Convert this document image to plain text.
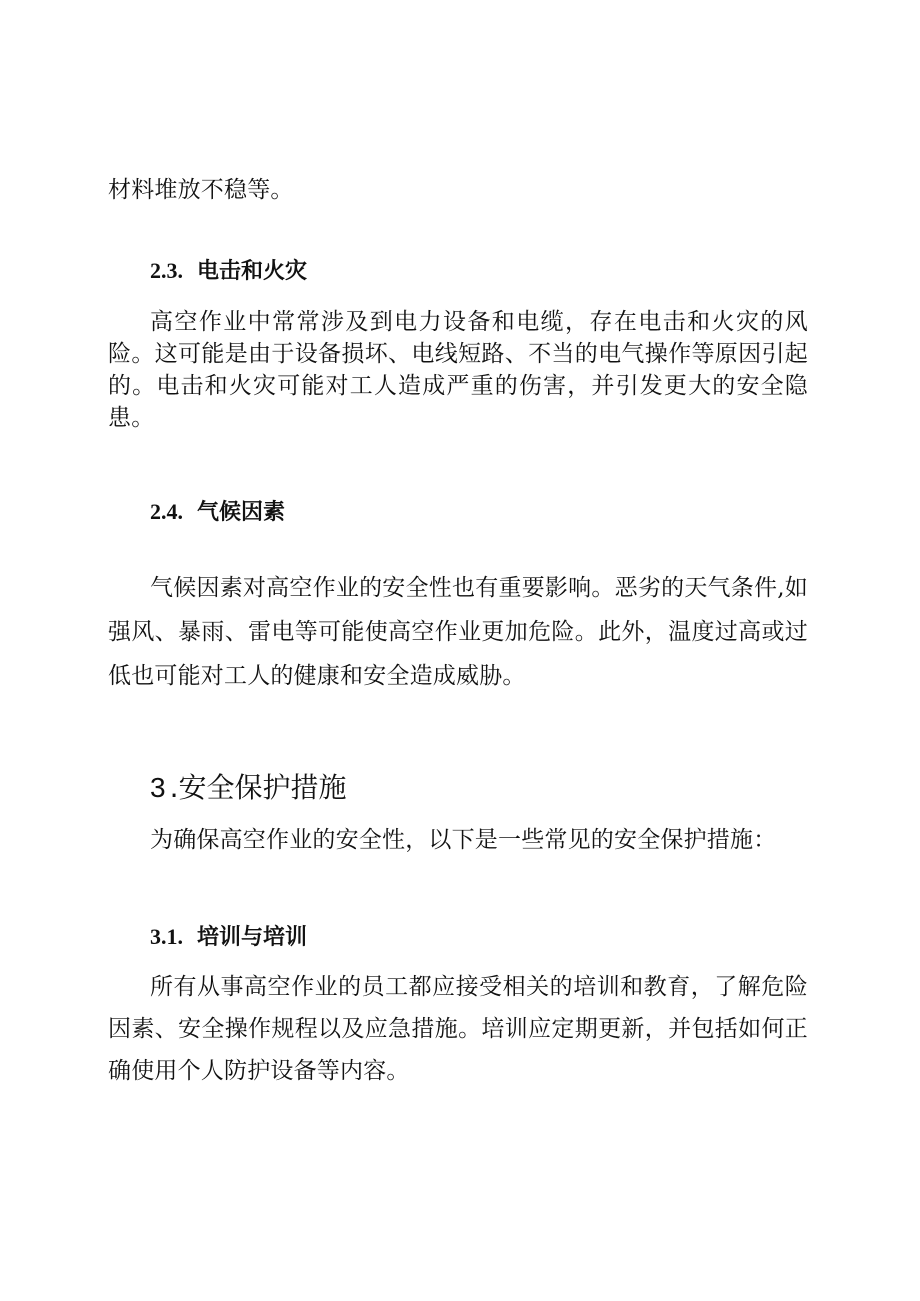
材料堆放不稳等。

2.3. 电击和火灾

高空作业中常常涉及到电力设备和电缆，存在电击和火灾的风险。这可能是由于设备损坏、电线短路、不当的电气操作等原因引起的。电击和火灾可能对工人造成严重的伤害，并引发更大的安全隐患。

2.4. 气候因素

气候因素对高空作业的安全性也有重要影响。恶劣的天气条件,如强风、暴雨、雷电等可能使高空作业更加危险。此外，温度过高或过低也可能对工人的健康和安全造成威胁。

3 .安全保护措施

为确保高空作业的安全性，以下是一些常见的安全保护措施：

3.1. 培训与培训

所有从事高空作业的员工都应接受相关的培训和教育，了解危险因素、安全操作规程以及应急措施。培训应定期更新，并包括如何正确使用个人防护设备等内容。
